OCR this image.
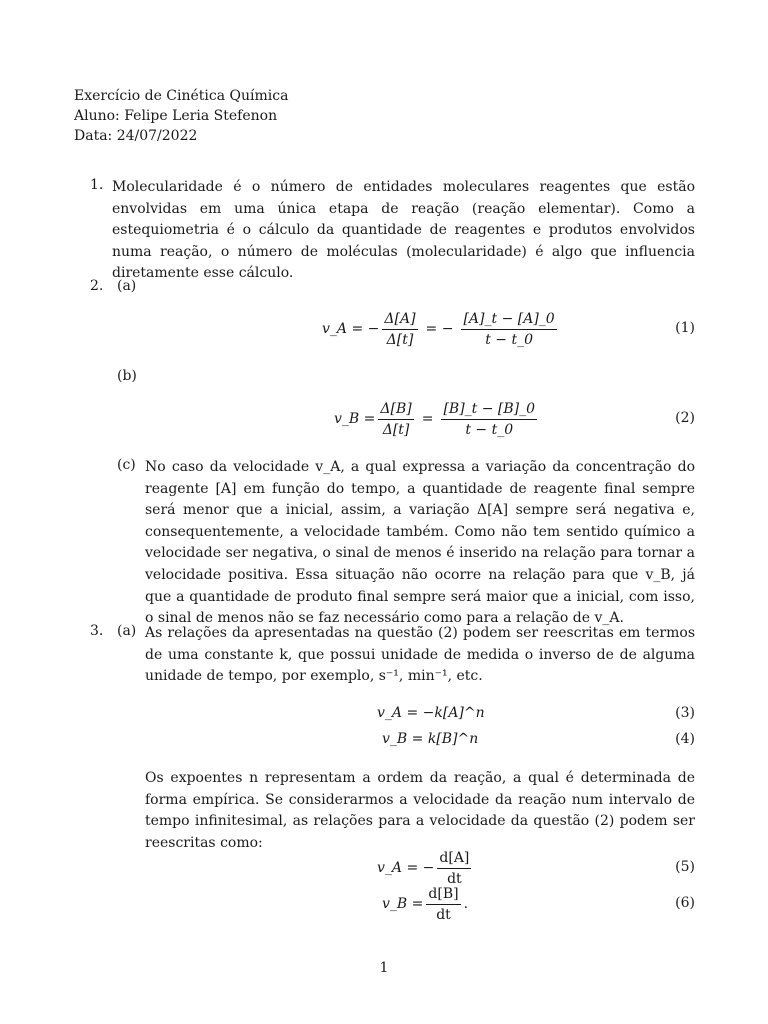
Exercício de Cinética Química
Aluno: Felipe Leria Stefenon
Data: 24/07/2022
1. Molecularidade é o número de entidades moleculares reagentes que estão envolvidas em uma única etapa de reação (reação elementar). Como a estequiometria é o cálculo da quantidade de reagentes e produtos envolvidos numa reação, o número de moléculas (molecularidade) é algo que influencia diretamente esse cálculo.
2. (a)
v_A = − $\frac{\Delta[A]}{\Delta[t]}$ = − $\frac{[A]\_t - [A]\_0}{t - t\_0}$	(1)
(b)
v_B = $\frac{\Delta[B]}{\Delta[t]} = \frac{[B]\_t - [B]\_0}{t - t\_0}$	(2)
(c) No caso da velocidade v_A, a qual expressa a variação da concentração do reagente [A] em função do tempo, a quantidade de reagente final sempre será menor que a inicial, assim, a variação Δ[A] sempre será negativa e, consequentemente, a velocidade também. Como não tem sentido químico a velocidade ser negativa, o sinal de menos é inserido na relação para tornar a velocidade positiva. Essa situação não ocorre na relação para que v_B, já que a quantidade de produto final sempre será maior que a inicial, com isso, o sinal de menos não se faz necessário como para a relação de v_A.
3. (a) As relações da apresentadas na questão (2) podem ser reescritas em termos de uma constante k, que possui unidade de medida o inverso de de alguma unidade de tempo, por exemplo, s⁻¹, min⁻¹, etc.
v_A = −k[A]^n	(3)
v_B = k[B]^n	(4)
Os expoentes n representam a ordem da reação, a qual é determinada de forma empírica. Se considerarmos a velocidade da reação num intervalo de tempo infinitesimal, as relações para a velocidade da questão (2) podem ser reescritas como:
v_A = − $\frac{d[A]}{dt}$	(5)
v_B = $\frac{d[B]}{dt}$ .	(6)
1
